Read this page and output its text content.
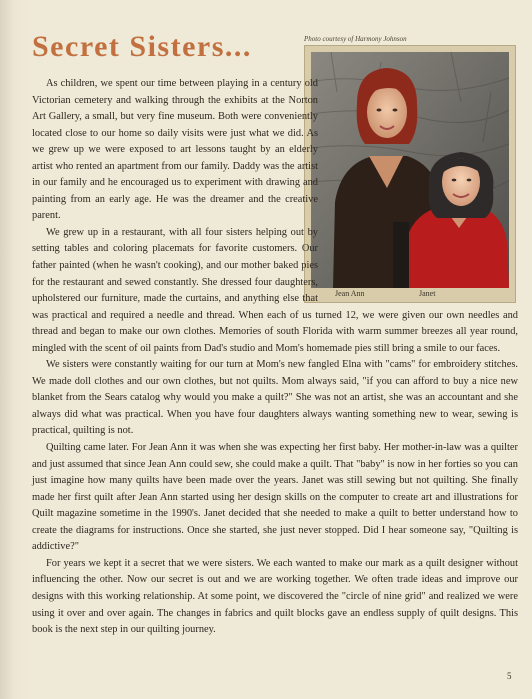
Secret Sisters...	Photo courtesy of Harmony Johnson
Jean Ann	Janet

As children, we spent our time between playing in a century old Victorian cemetery and walking through the exhibits at the Norton Art Gallery, a small, but very fine museum. Both were conveniently located close to our home so daily visits were just what we did. As we grew up we were exposed to art lessons taught by an elderly artist who rented an apartment from our family. Daddy was the artist in our family and he encouraged us to experiment with drawing and painting from an early age. He was the dreamer and the creative parent.

We grew up in a restaurant, with all four sisters helping out by setting tables and coloring placemats for favorite customers. Our father painted (when he wasn't cooking), and our mother baked pies for the restaurant and sewed constantly. She dressed four daughters, upholstered our furniture, made the curtains, and anything else that was practical and required a needle and thread. When each of us turned 12, we were given our own needles and thread and began to make our own clothes. Memories of south Florida with warm summer breezes all year round, mingled with the scent of oil paints from Dad's studio and Mom's homemade pies still bring a smile to our faces.

We sisters were constantly waiting for our turn at Mom's new fangled Elna with "cams" for embroidery stitches. We made doll clothes and our own clothes, but not quilts. Mom always said, "if you can afford to buy a nice new blanket from the Sears catalog why would you make a quilt?" She was not an artist, she was an accountant and she always did what was practical. When you have four daughters always wanting something new to wear, sewing is practical, quilting is not.

Quilting came later. For Jean Ann it was when she was expecting her first baby. Her mother-in-law was a quilter and just assumed that since Jean Ann could sew, she could make a quilt. That "baby" is now in her forties so you can just imagine how many quilts have been made over the years. Janet was still sewing but not quilting. She finally made her first quilt after Jean Ann started using her design skills on the computer to create art and illustrations for Quilt magazine sometime in the 1990's. Janet decided that she needed to make a quilt to better understand how to create the diagrams for instructions. Once she started, she just never stopped. Did I hear someone say, "Quilting is addictive?"

For years we kept it a secret that we were sisters. We each wanted to make our mark as a quilt designer without influencing the other. Now our secret is out and we are working together. We often trade ideas and improve our designs with this working relationship. At some point, we discovered the "circle of nine grid" and realized we were using it over and over again. The changes in fabrics and quilt blocks gave an endless supply of quilt designs. This book is the next step in our quilting journey.

5
